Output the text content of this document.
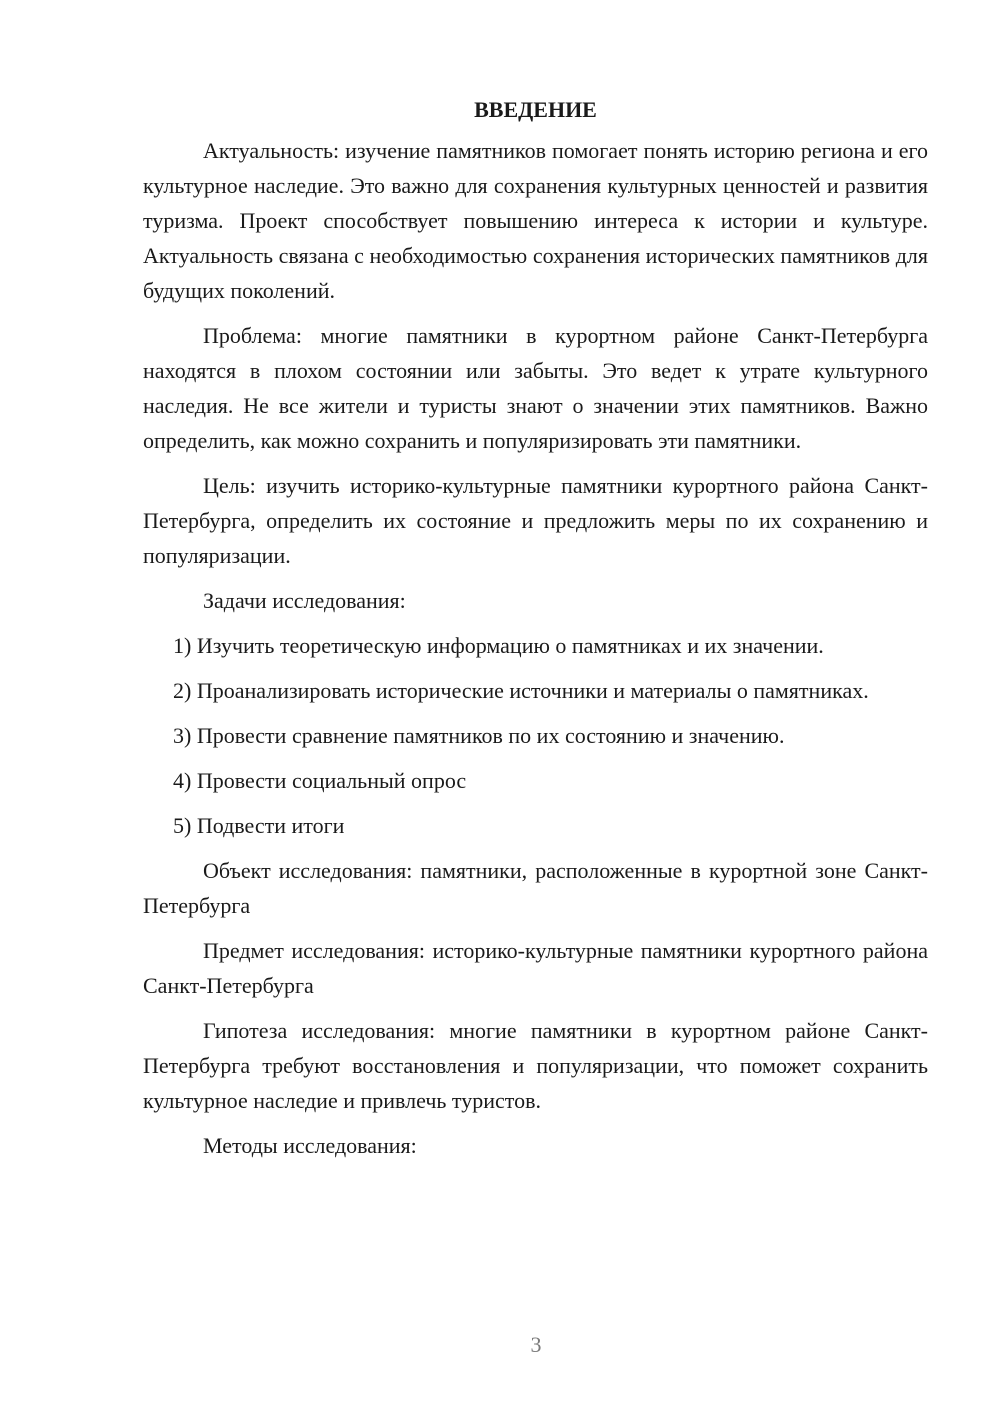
ВВЕДЕНИЕ

Актуальность: изучение памятников помогает понять историю региона и его культурное наследие. Это важно для сохранения культурных ценностей и развития туризма. Проект способствует повышению интереса к истории и культуре. Актуальность связана с необходимостью сохранения исторических памятников для будущих поколений.

Проблема: многие памятники в курортном районе Санкт-Петербурга находятся в плохом состоянии или забыты. Это ведет к утрате культурного наследия. Не все жители и туристы знают о значении этих памятников. Важно определить, как можно сохранить и популяризировать эти памятники.

Цель: изучить историко-культурные памятники курортного района Санкт-Петербурга, определить их состояние и предложить меры по их сохранению и популяризации.

Задачи исследования:

1) Изучить теоретическую информацию о памятниках и их значении.

2) Проанализировать исторические источники и материалы о памятниках.

3) Провести сравнение памятников по их состоянию и значению.

4) Провести социальный опрос

5) Подвести итоги

Объект исследования: памятники, расположенные в курортной зоне Санкт-Петербурга

Предмет исследования: историко-культурные памятники курортного района Санкт-Петербурга

Гипотеза исследования: многие памятники в курортном районе Санкт-Петербурга требуют восстановления и популяризации, что поможет сохранить культурное наследие и привлечь туристов.

Методы исследования:

3
